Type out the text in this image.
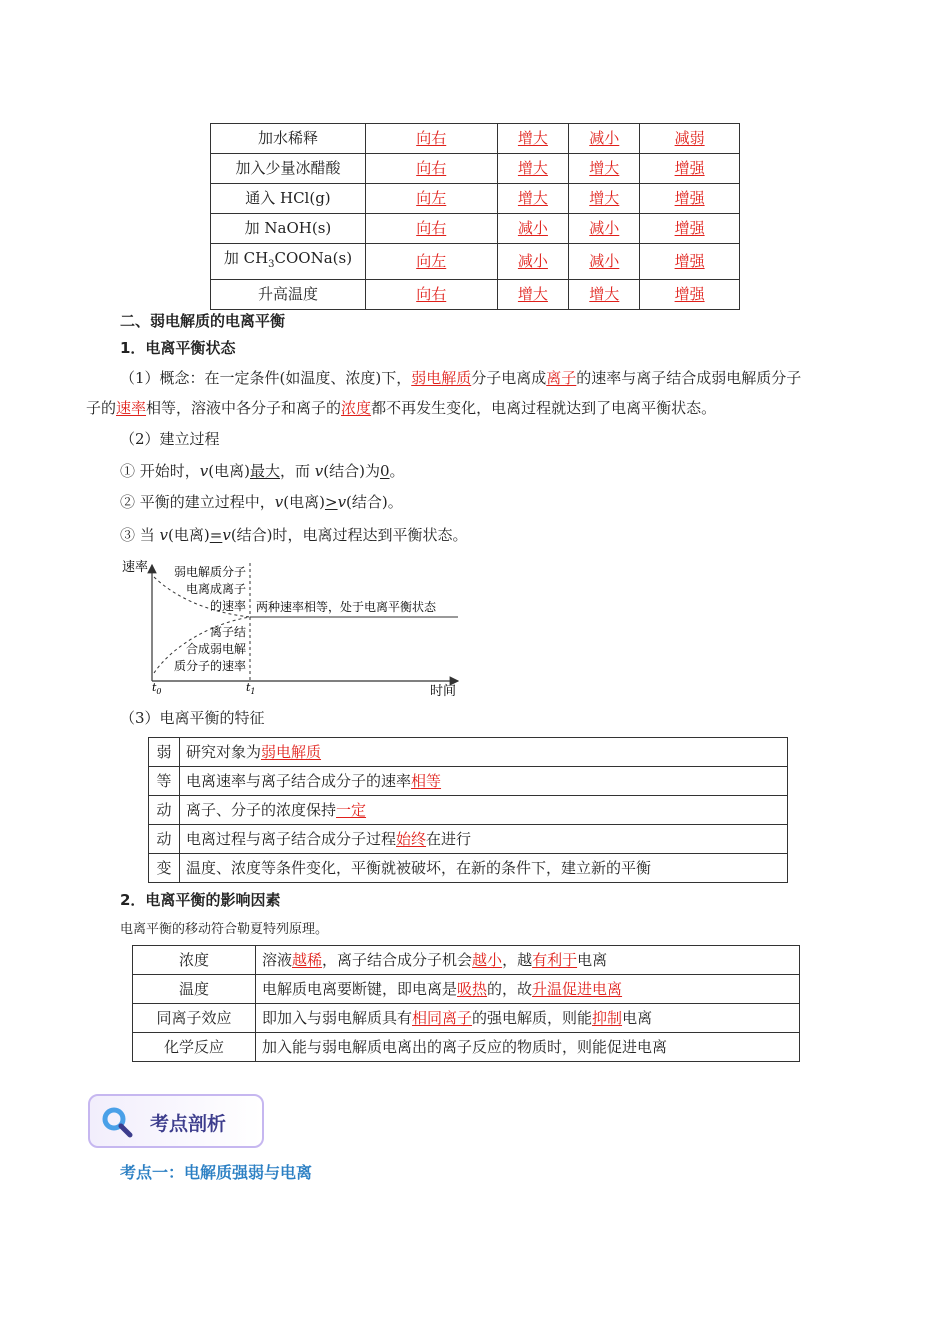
加水稀释	向右	增大	减小	减弱
加入少量冰醋酸	向右	增大	增大	增强
通入 HCl(g)	向左	增大	增大	增强
加 NaOH(s)	向右	减小	减小	增强
加 $CH_3COONa(s)$	向左	减小	减小	增强
升高温度	向右	增大	增大	增强
二、弱电解质的电离平衡
1．电离平衡状态
（1）概念：在一定条件(如温度、浓度)下，弱电解质分子电离成离子的速率与离子结合成弱电解质分子
子的速率相等，溶液中各分子和离子的浓度都不再发生变化，电离过程就达到了电离平衡状态。
（2）建立过程
① 开始时，v(电离)最大，而 v(结合)为0。
② 平衡的建立过程中，v(电离)>v(结合)。
③ 当 v(电离)=v(结合)时，电离过程达到平衡状态。
速率
时间
$t_0$	$t_1$
弱电解质分子
电离成离子
的速率
离子结
合成弱电解
质分子的速率
两种速率相等，处于电离平衡状态
（3）电离平衡的特征
弱	研究对象为弱电解质
等	电离速率与离子结合成分子的速率相等
动	离子、分子的浓度保持一定
动	电离过程与离子结合成分子过程始终在进行
变	温度、浓度等条件变化，平衡就被破坏，在新的条件下，建立新的平衡
2．电离平衡的影响因素
电离平衡的移动符合勒夏特列原理。
浓度	溶液越稀，离子结合成分子机会越小，越有利于电离
温度	电解质电离要断键，即电离是吸热的，故升温促进电离
同离子效应	即加入与弱电解质具有相同离子的强电解质，则能抑制电离
化学反应	加入能与弱电解质电离出的离子反应的物质时，则能促进电离
考点剖析
考点一：电解质强弱与电离
